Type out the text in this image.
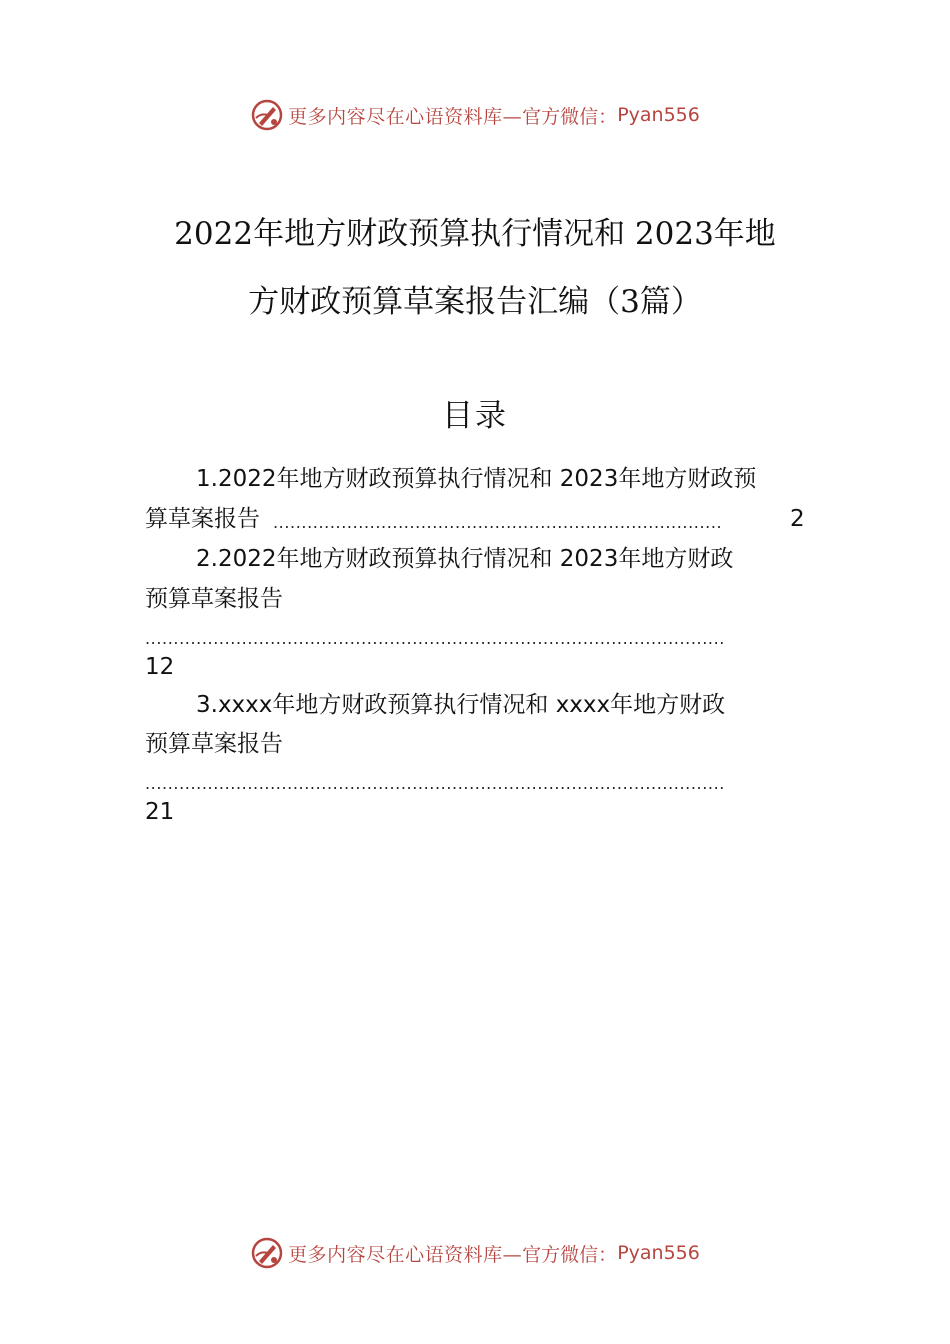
更多内容尽在心语资料库— 官方微信： Pyan556
2022年地方财政预算执行情况和 2023年地
方财政预算草案报告汇编（3篇）
目录
1.2022年地方财政预算执行情况和 2023年地方财政预
算草案报告 ...............................................................................	2
2.2022年地方财政预算执行情况和 2023年地方财政
预算草案报告
......................................................................................................
12
3.xxxx年地方财政预算执行情况和 xxxx年地方财政
预算草案报告
......................................................................................................
21
更多内容尽在心语资料库— 官方微信： Pyan556
